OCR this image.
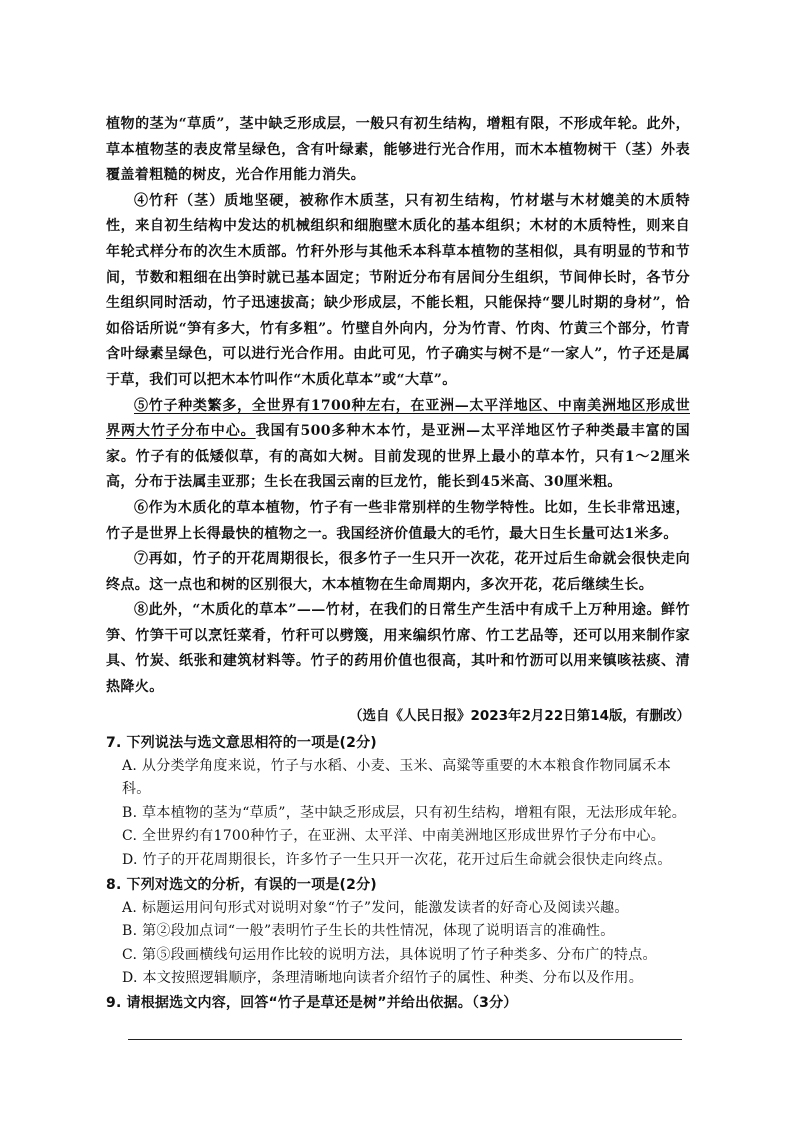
植物的茎为“草质”，茎中缺乏形成层，一般只有初生结构，增粗有限，不形成年轮。此外，草本植物茎的表皮常呈绿色，含有叶绿素，能够进行光合作用，而木本植物树干（茎）外表覆盖着粗糙的树皮，光合作用能力消失。

④竹秆（茎）质地坚硬，被称作木质茎，只有初生结构，竹材堪与木材媲美的木质特性，来自初生结构中发达的机械组织和细胞壁木质化的基本组织；木材的木质特性，则来自年轮式样分布的次生木质部。竹秆外形与其他禾本科草本植物的茎相似，具有明显的节和节间，节数和粗细在出笋时就已基本固定；节附近分布有居间分生组织，节间伸长时，各节分生组织同时活动，竹子迅速拔高；缺少形成层，不能长粗，只能保持“婴儿时期的身材”，恰如俗话所说“笋有多大，竹有多粗”。竹壁自外向内，分为竹青、竹肉、竹黄三个部分，竹青含叶绿素呈绿色，可以进行光合作用。由此可见，竹子确实与树不是“一家人”，竹子还是属于草，我们可以把木本竹叫作“木质化草本”或“大草”。

⑤竹子种类繁多，全世界有1700种左右，在亚洲—太平洋地区、中南美洲地区形成世界两大竹子分布中心。我国有500多种木本竹，是亚洲—太平洋地区竹子种类最丰富的国家。竹子有的低矮似草，有的高如大树。目前发现的世界上最小的草本竹，只有1～2厘米高，分布于法属圭亚那；生长在我国云南的巨龙竹，能长到45米高、30厘米粗。

⑥作为木质化的草本植物，竹子有一些非常别样的生物学特性。比如，生长非常迅速，竹子是世界上长得最快的植物之一。我国经济价值最大的毛竹，最大日生长量可达1米多。

⑦再如，竹子的开花周期很长，很多竹子一生只开一次花，花开过后生命就会很快走向终点。这一点也和树的区别很大，木本植物在生命周期内，多次开花，花后继续生长。

⑧此外，“木质化的草本”——竹材，在我们的日常生产生活中有成千上万种用途。鲜竹笋、竹笋干可以烹饪菜肴，竹秆可以劈篾，用来编织竹席、竹工艺品等，还可以用来制作家具、竹炭、纸张和建筑材料等。竹子的药用价值也很高，其叶和竹沥可以用来镇咳祛痰、清热降火。

（选自《人民日报》2023年2月22日第14版，有删改）

7. 下列说法与选文意思相符的一项是(2分)

A. 从分类学角度来说，竹子与水稻、小麦、玉米、高粱等重要的木本粮食作物同属禾本科。
B. 草本植物的茎为“草质”，茎中缺乏形成层，只有初生结构，增粗有限，无法形成年轮。
C. 全世界约有1700种竹子，在亚洲、太平洋、中南美洲地区形成世界竹子分布中心。
D. 竹子的开花周期很长，许多竹子一生只开一次花，花开过后生命就会很快走向终点。

8. 下列对选文的分析，有误的一项是(2分)

A. 标题运用问句形式对说明对象“竹子”发问，能激发读者的好奇心及阅读兴趣。
B. 第②段加点词“一般”表明竹子生长的共性情况，体现了说明语言的准确性。
C. 第⑤段画横线句运用作比较的说明方法，具体说明了竹子种类多、分布广的特点。
D. 本文按照逻辑顺序，条理清晰地向读者介绍竹子的属性、种类、分布以及作用。

9. 请根据选文内容，回答“竹子是草还是树”并给出依据。（3分）
